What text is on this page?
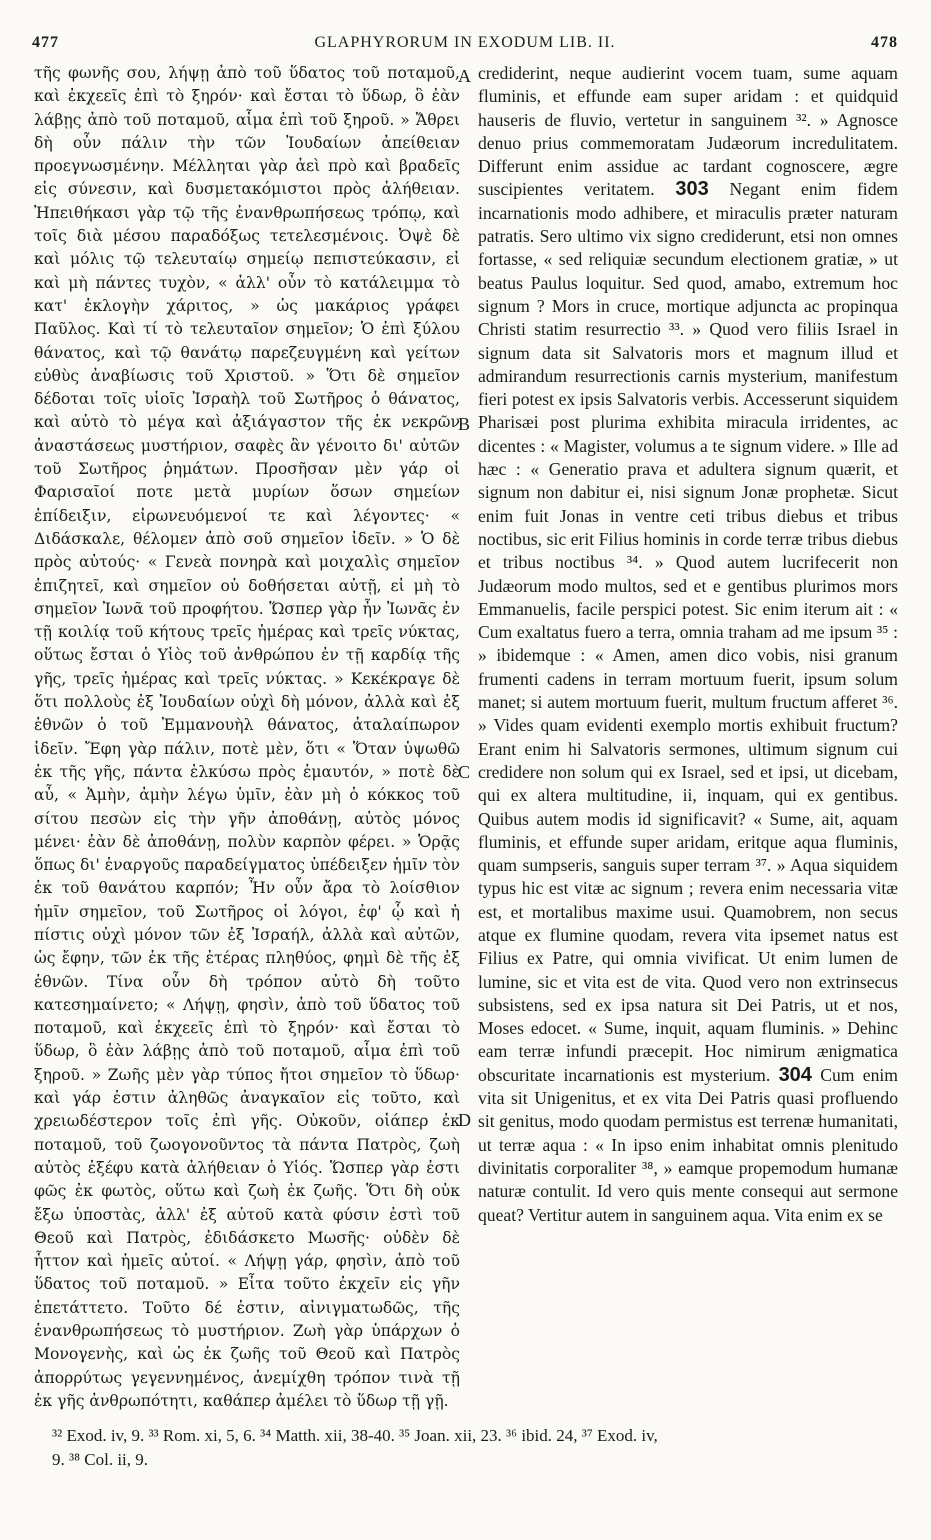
477	GLAPHYRORUM IN EXODUM LIB. II.	478

τῆς φωνῆς σου, λήψῃ ἀπὸ τοῦ ὕδατος τοῦ ποταμοῦ, καὶ ἐκχεεῖς ἐπὶ τὸ ξηρόν· καὶ ἔσται τὸ ὕδωρ, ὃ ἐὰν λάβῃς ἀπὸ τοῦ ποταμοῦ, αἷμα ἐπὶ τοῦ ξηροῦ. » Ἄθρει δὴ οὖν πάλιν τὴν τῶν Ἰουδαίων ἀπείθειαν προεγνωσμένην. Μέλληται γὰρ ἀεὶ πρὸ καὶ βραδεῖς εἰς σύνεσιν, καὶ δυσμετακόμιστοι πρὸς ἀλήθειαν. Ἠπειθήκασι γὰρ τῷ τῆς ἐνανθρωπήσεως τρόπῳ, καὶ τοῖς διὰ μέσου παραδόξως τετελεσμένοις. Ὀψὲ δὲ καὶ μόλις τῷ τελευταίῳ σημείῳ πεπιστεύκασιν, εἰ καὶ μὴ πάντες τυχὸν, « ἀλλ' οὖν τὸ κατάλειμμα τὸ κατ' ἐκλογὴν χάριτος, » ὡς μακάριος γράφει Παῦλος. Καὶ τί τὸ τελευταῖον σημεῖον; Ὁ ἐπὶ ξύλου θάνατος, καὶ τῷ θανάτῳ παρεζευγμένη καὶ γείτων εὐθὺς ἀναβίωσις τοῦ Χριστοῦ. » Ὅτι δὲ σημεῖον δέδοται τοῖς υἱοῖς Ἰσραὴλ τοῦ Σωτῆρος ὁ θάνατος, καὶ αὐτὸ τὸ μέγα καὶ ἀξιάγαστον τῆς ἐκ νεκρῶν ἀναστάσεως μυστήριον, σαφὲς ἂν γένοιτο δι' αὐτῶν τοῦ Σωτῆρος ῥημάτων. Προσῆσαν μὲν γάρ οἱ Φαρισαῖοί ποτε μετὰ μυρίων ὅσων σημείων ἐπίδειξιν, εἰρωνευόμενοί τε καὶ λέγοντες· « Διδάσκαλε, θέλομεν ἀπὸ σοῦ σημεῖον ἰδεῖν. » Ὁ δὲ πρὸς αὐτούς· « Γενεὰ πονηρὰ καὶ μοιχαλὶς σημεῖον ἐπιζητεῖ, καὶ σημεῖον οὐ δοθήσεται αὐτῇ, εἰ μὴ τὸ σημεῖον Ἰωνᾶ τοῦ προφήτου. Ὥσπερ γὰρ ἦν Ἰωνᾶς ἐν τῇ κοιλίᾳ τοῦ κήτους τρεῖς ἡμέρας καὶ τρεῖς νύκτας, οὕτως ἔσται ὁ Υἱὸς τοῦ ἀνθρώπου ἐν τῇ καρδίᾳ τῆς γῆς, τρεῖς ἡμέρας καὶ τρεῖς νύκτας. » Κεκέκραγε δὲ ὅτι πολλοὺς ἐξ Ἰουδαίων οὐχὶ δὴ μόνον, ἀλλὰ καὶ ἐξ ἐθνῶν ὁ τοῦ Ἐμμανουὴλ θάνατος, ἀταλαίπωρον ἰδεῖν. Ἔφη γὰρ πάλιν, ποτὲ μὲν, ὅτι « Ὅταν ὑψωθῶ ἐκ τῆς γῆς, πάντα ἑλκύσω πρὸς ἐμαυτόν, » ποτὲ δὲ αὖ, « Ἀμὴν, ἀμὴν λέγω ὑμῖν, ἐὰν μὴ ὁ κόκκος τοῦ σίτου πεσὼν εἰς τὴν γῆν ἀποθάνῃ, αὐτὸς μόνος μένει· ἐὰν δὲ ἀποθάνῃ, πολὺν καρπὸν φέρει. » Ὁρᾷς ὅπως δι' ἐναργοῦς παραδείγματος ὑπέδειξεν ἡμῖν τὸν ἐκ τοῦ θανάτου καρπόν; Ἦν οὖν ἄρα τὸ λοίσθιον ἡμῖν σημεῖον, τοῦ Σωτῆρος οἱ λόγοι, ἐφ' ᾧ καὶ ἡ πίστις οὐχὶ μόνον τῶν ἐξ Ἰσραήλ, ἀλλὰ καὶ αὐτῶν, ὡς ἔφην, τῶν ἐκ τῆς ἑτέρας πληθύος, φημὶ δὲ τῆς ἐξ ἐθνῶν. Τίνα οὖν δὴ τρόπον αὐτὸ δὴ τοῦτο κατεσημαίνετο; « Λήψῃ, φησὶν, ἀπὸ τοῦ ὕδατος τοῦ ποταμοῦ, καὶ ἐκχεεῖς ἐπὶ τὸ ξηρόν· καὶ ἔσται τὸ ὕδωρ, ὃ ἐὰν λάβῃς ἀπὸ τοῦ ποταμοῦ, αἷμα ἐπὶ τοῦ ξηροῦ. » Ζωῆς μὲν γὰρ τύπος ἤτοι σημεῖον τὸ ὕδωρ· καὶ γάρ ἐστιν ἀληθῶς ἀναγκαῖον εἰς τοῦτο, καὶ χρειωδέστερον τοῖς ἐπὶ γῆς. Οὐκοῦν, οἱάπερ ἐκ ποταμοῦ, τοῦ ζωογονοῦντος τὰ πάντα Πατρὸς, ζωὴ αὐτὸς ἐξέφυ κατὰ ἀλήθειαν ὁ Υἱός. Ὥσπερ γὰρ ἐστι φῶς ἐκ φωτὸς, οὕτω καὶ ζωὴ ἐκ ζωῆς. Ὅτι δὴ οὐκ ἔξω ὑποστὰς, ἀλλ' ἐξ αὐτοῦ κατὰ φύσιν ἐστὶ τοῦ Θεοῦ καὶ Πατρὸς, ἐδιδάσκετο Μωσῆς· οὐδὲν δὲ ἧττον καὶ ἡμεῖς αὐτοί. « Λήψῃ γάρ, φησὶν, ἀπὸ τοῦ ὕδατος τοῦ ποταμοῦ. » Εἶτα τοῦτο ἐκχεῖν εἰς γῆν ἐπετάττετο. Τοῦτο δέ ἐστιν, αἰνιγματωδῶς, τῆς ἐνανθρωπήσεως τὸ μυστήριον. Ζωὴ γὰρ ὑπάρχων ὁ Μονογενὴς, καὶ ὡς ἐκ ζωῆς τοῦ Θεοῦ καὶ Πατρὸς ἀπορρύτως γεγεννημένος, ἀνεμίχθη τρόπον τινὰ τῇ ἐκ γῆς ἀνθρωπότητι, καθάπερ ἀμέλει τὸ ὕδωρ τῇ γῇ.

A
B
C
D

crediderint, neque audierint vocem tuam, sume aquam fluminis, et effunde eam super aridam : et quidquid hauseris de fluvio, vertetur in sanguinem ³². » Agnosce denuo prius commemoratam Judæorum incredulitatem. Differunt enim assidue ac tardant cognoscere, ægre suscipientes veritatem. 303 Negant enim fidem incarnationis modo adhibere, et miraculis præter naturam patratis. Sero ultimo vix signo crediderunt, etsi non omnes fortasse, « sed reliquiæ secundum electionem gratiæ, » ut beatus Paulus loquitur. Sed quod, amabo, extremum hoc signum ? Mors in cruce, mortique adjuncta ac propinqua Christi statim resurrectio ³³. » Quod vero filiis Israel in signum data sit Salvatoris mors et magnum illud et admirandum resurrectionis carnis mysterium, manifestum fieri potest ex ipsis Salvatoris verbis. Accesserunt siquidem Pharisæi post plurima exhibita miracula irridentes, ac dicentes : « Magister, volumus a te signum videre. » Ille ad hæc : « Generatio prava et adultera signum quærit, et signum non dabitur ei, nisi signum Jonæ prophetæ. Sicut enim fuit Jonas in ventre ceti tribus diebus et tribus noctibus, sic erit Filius hominis in corde terræ tribus diebus et tribus noctibus ³⁴. » Quod autem lucrifecerit non Judæorum modo multos, sed et e gentibus plurimos mors Emmanuelis, facile perspici potest. Sic enim iterum ait : « Cum exaltatus fuero a terra, omnia traham ad me ipsum ³⁵ : » ibidemque : « Amen, amen dico vobis, nisi granum frumenti cadens in terram mortuum fuerit, ipsum solum manet; si autem mortuum fuerit, multum fructum afferet ³⁶. » Vides quam evidenti exemplo mortis exhibuit fructum? Erant enim hi Salvatoris sermones, ultimum signum cui credidere non solum qui ex Israel, sed et ipsi, ut dicebam, qui ex altera multitudine, ii, inquam, qui ex gentibus. Quibus autem modis id significavit? « Sume, ait, aquam fluminis, et effunde super aridam, eritque aqua fluminis, quam sumpseris, sanguis super terram ³⁷. » Aqua siquidem typus hic est vitæ ac signum ; revera enim necessaria vitæ est, et mortalibus maxime usui. Quamobrem, non secus atque ex flumine quodam, revera vita ipsemet natus est Filius ex Patre, qui omnia vivificat. Ut enim lumen de lumine, sic et vita est de vita. Quod vero non extrinsecus subsistens, sed ex ipsa natura sit Dei Patris, ut et nos, Moses edocet. « Sume, inquit, aquam fluminis. » Dehinc eam terræ infundi præcepit. Hoc nimirum ænigmatica obscuritate incarnationis est mysterium. 304 Cum enim vita sit Unigenitus, et ex vita Dei Patris quasi profluendo sit genitus, modo quodam permistus est terrenæ humanitati, ut terræ aqua : « In ipso enim inhabitat omnis plenitudo divinitatis corporaliter ³⁸, » eamque propemodum humanæ naturæ contulit. Id vero quis mente consequi aut sermone queat? Vertitur autem in sanguinem aqua. Vita enim ex se

³² Exod. iv, 9. ³³ Rom. xi, 5, 6. ³⁴ Matth. xii, 38-40. ³⁵ Joan. xii, 23. ³⁶ ibid. 24, ³⁷ Exod. iv,

9. ³⁸ Col. ii, 9.
